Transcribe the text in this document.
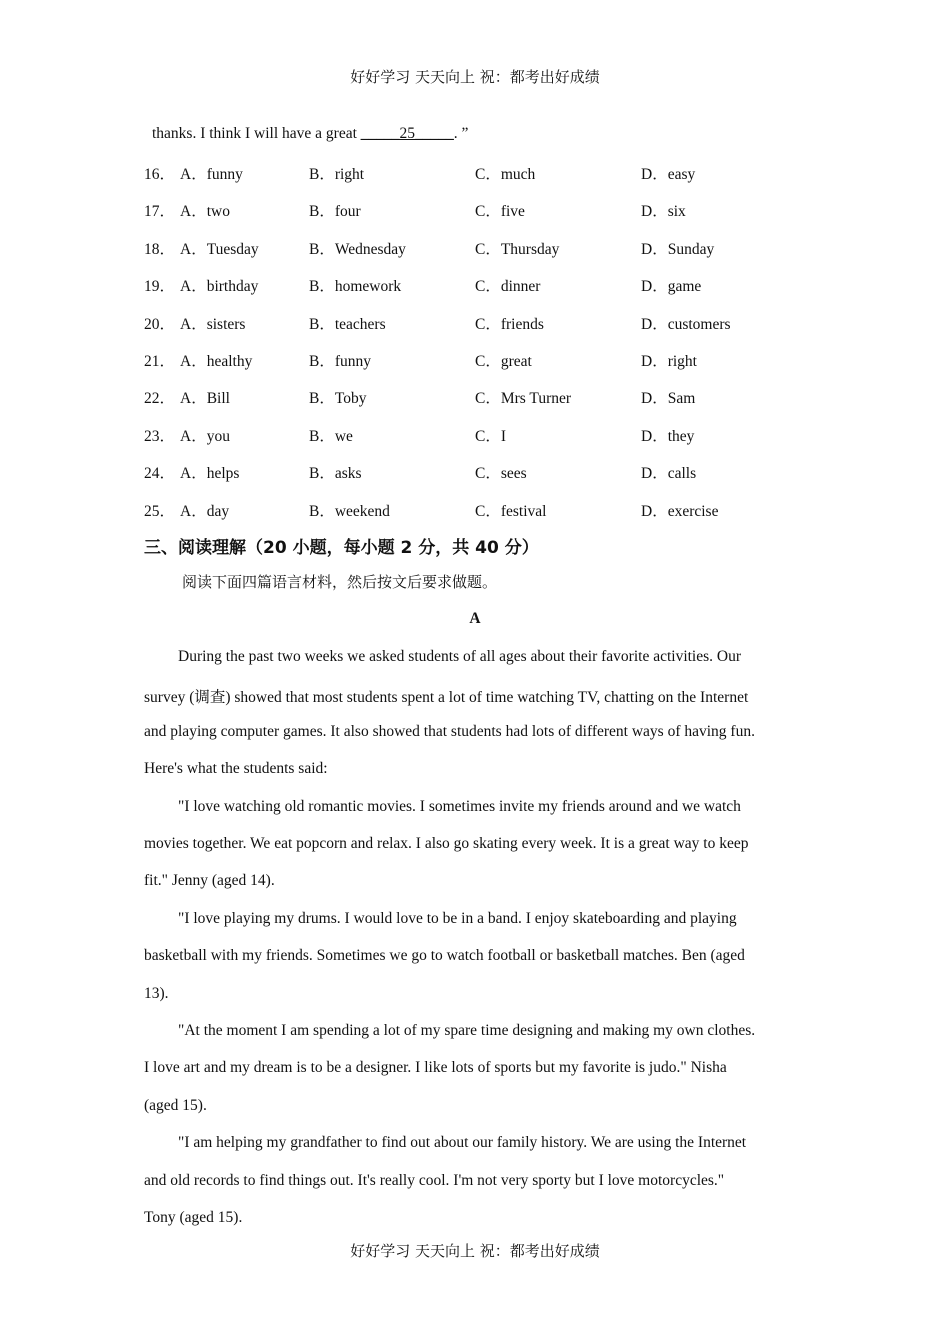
好好学习 天天向上 祝：都考出好成绩
thanks. I think I will have a great _____25_____. ”
16． A．funny	B．right	C．much	D．easy
17． A．two	B．four	C．five	D．six
18． A．Tuesday	B．Wednesday	C．Thursday	D．Sunday
19． A．birthday	B．homework	C．dinner	D．game
20． A．sisters	B．teachers	C．friends	D．customers
21． A．healthy	B．funny	C．great	D．right
22． A．Bill	B．Toby	C．Mrs Turner	D．Sam
23． A．you	B．we	C．I	D．they
24． A．helps	B．asks	C．sees	D．calls
25． A．day	B．weekend	C．festival	D．exercise
三、阅读理解（20 小题，每小题 2 分，共 40 分）
阅读下面四篇语言材料，然后按文后要求做题。
A
During the past two weeks we asked students of all ages about their favorite activities. Our
survey (调查) showed that most students spent a lot of time watching TV, chatting on the Internet
and playing computer games. It also showed that students had lots of different ways of having fun.
Here's what the students said:
"I love watching old romantic movies. I sometimes invite my friends around and we watch
movies together. We eat popcorn and relax. I also go skating every week. It is a great way to keep
fit." Jenny (aged 14).
"I love playing my drums. I would love to be in a band. I enjoy skateboarding and playing
basketball with my friends. Sometimes we go to watch football or basketball matches. Ben (aged
13).
"At the moment I am spending a lot of my spare time designing and making my own clothes.
I love art and my dream is to be a designer. I like lots of sports but my favorite is judo." Nisha
(aged 15).
"I am helping my grandfather to find out about our family history. We are using the Internet
and old records to find things out. It's really cool. I'm not very sporty but I love motorcycles."
Tony (aged 15).
好好学习 天天向上 祝：都考出好成绩
